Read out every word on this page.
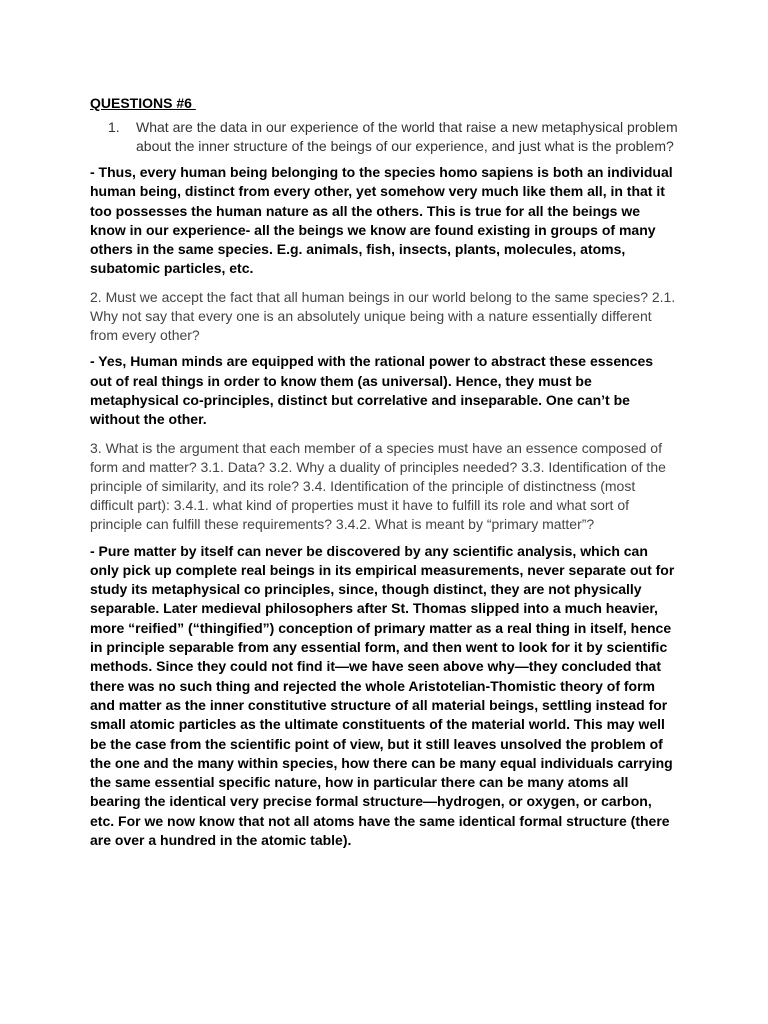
QUESTIONS #6
1.	What are the data in our experience of the world that raise a new metaphysical problem about the inner structure of the beings of our experience, and just what is the problem?
- Thus, every human being belonging to the species homo sapiens is both an individual human being, distinct from every other, yet somehow very much like them all, in that it too possesses the human nature as all the others. This is true for all the beings we know in our experience- all the beings we know are found existing in groups of many others in the same species. E.g. animals, fish, insects, plants, molecules, atoms, subatomic particles, etc.
2. Must we accept the fact that all human beings in our world belong to the same species? 2.1. Why not say that every one is an absolutely unique being with a nature essentially different from every other?
- Yes, Human minds are equipped with the rational power to abstract these essences out of real things in order to know them (as universal). Hence, they must be metaphysical co-principles, distinct but correlative and inseparable. One can’t be without the other.
3. What is the argument that each member of a species must have an essence composed of form and matter? 3.1. Data? 3.2. Why a duality of principles needed? 3.3. Identification of the principle of similarity, and its role? 3.4. Identification of the principle of distinctness (most difficult part): 3.4.1. what kind of properties must it have to fulfill its role and what sort of principle can fulfill these requirements? 3.4.2. What is meant by “primary matter”?
- Pure matter by itself can never be discovered by any scientific analysis, which can only pick up complete real beings in its empirical measurements, never separate out for study its metaphysical co principles, since, though distinct, they are not physically separable. Later medieval philosophers after St. Thomas slipped into a much heavier, more “reified” (“thingified”) conception of primary matter as a real thing in itself, hence in principle separable from any essential form, and then went to look for it by scientific methods. Since they could not find it—we have seen above why—they concluded that there was no such thing and rejected the whole Aristotelian-Thomistic theory of form and matter as the inner constitutive structure of all material beings, settling instead for small atomic particles as the ultimate constituents of the material world. This may well be the case from the scientific point of view, but it still leaves unsolved the problem of the one and the many within species, how there can be many equal individuals carrying the same essential specific nature, how in particular there can be many atoms all bearing the identical very precise formal structure—hydrogen, or oxygen, or carbon, etc. For we now know that not all atoms have the same identical formal structure (there are over a hundred in the atomic table).
